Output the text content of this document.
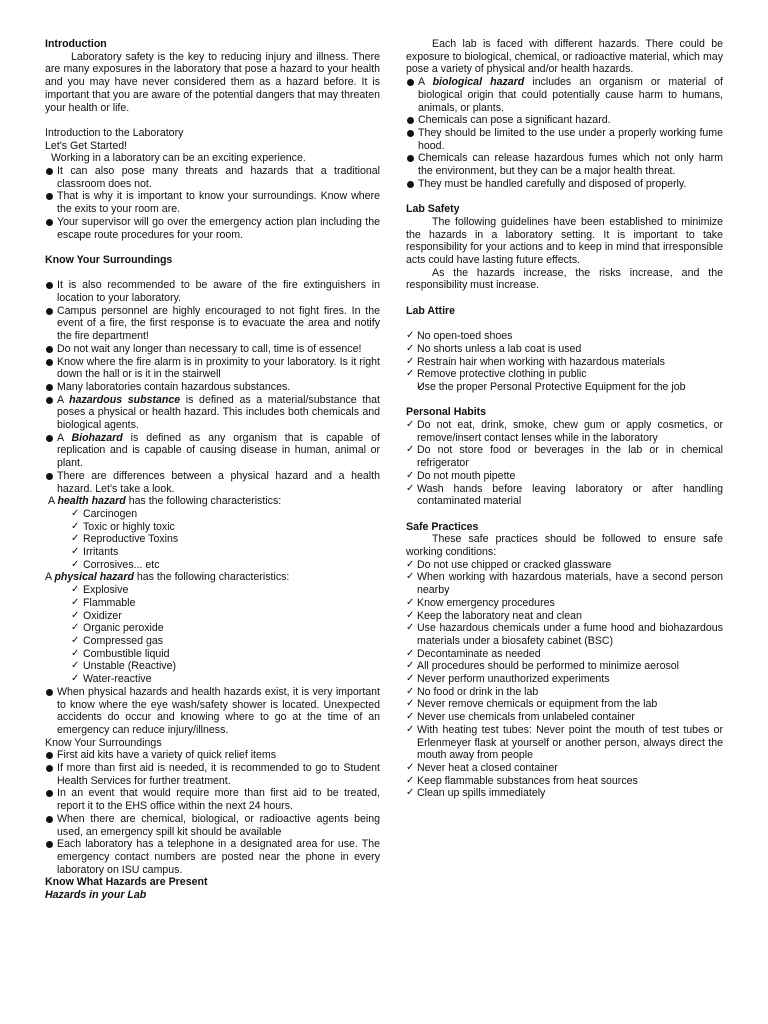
Introduction

Laboratory safety is the key to reducing injury and illness. There are many exposures in the laboratory that pose a hazard to your health and you may have never considered them as a hazard before. It is important that you are aware of the potential dangers that may threaten your health or life.

Introduction to the Laboratory

Let's Get Started!

Working in a laboratory can be an exciting experience.

It can also pose many threats and hazards that a traditional classroom does not.
That is why it is important to know your surroundings. Know where the exits to your room are.
Your supervisor will go over the emergency action plan including the escape route procedures for your room.

Know Your Surroundings

It is also recommended to be aware of the fire extinguishers in location to your laboratory.
Campus personnel are highly encouraged to not fight fires. In the event of a fire, the first response is to evacuate the area and notify the fire department!
Do not wait any longer than necessary to call, time is of essence!
Know where the fire alarm is in proximity to your laboratory. Is it right down the hall or is it in the stairwell
Many laboratories contain hazardous substances.
A hazardous substance is defined as a material/substance that poses a physical or health hazard. This includes both chemicals and biological agents.
A Biohazard is defined as any organism that is capable of replication and is capable of causing disease in human, animal or plant.
There are differences between a physical hazard and a health hazard. Let's take a look.

A health hazard has the following characteristics:

✓ Carcinogen
✓ Toxic or highly toxic
✓ Reproductive Toxins
✓ Irritants
✓ Corrosives... etc

A physical hazard has the following characteristics:

✓ Explosive
✓ Flammable
✓ Oxidizer
✓ Organic peroxide
✓ Compressed gas
✓ Combustible liquid
✓ Unstable (Reactive)
✓ Water-reactive
When physical hazards and health hazards exist, it is very important to know where the eye wash/safety shower is located. Unexpected accidents do occur and knowing where to go at the time of an emergency can reduce injury/illness.

Know Your Surroundings

First aid kits have a variety of quick relief items
If more than first aid is needed, it is recommended to go to Student Health Services for further treatment.
In an event that would require more than first aid to be treated, report it to the EHS office within the next 24 hours.
When there are chemical, biological, or radioactive agents being used, an emergency spill kit should be available
Each laboratory has a telephone in a designated area for use. The emergency contact numbers are posted near the phone in every laboratory on ISU campus.

Know What Hazards are Present

Hazards in your Lab

Each lab is faced with different hazards. There could be exposure to biological, chemical, or radioactive material, which may pose a variety of physical and/or health hazards.

A biological hazard includes an organism or material of biological origin that could potentially cause harm to humans, animals, or plants.
Chemicals can pose a significant hazard.
They should be limited to the use under a properly working fume hood.
Chemicals can release hazardous fumes which not only harm the environment, but they can be a major health threat.
They must be handled carefully and disposed of properly.

Lab Safety

The following guidelines have been established to minimize the hazards in a laboratory setting. It is important to take responsibility for your actions and to keep in mind that irresponsible acts could have lasting future effects.

As the hazards increase, the risks increase, and the responsibility must increase.

Lab Attire

✓ No open-toed shoes
✓ No shorts unless a lab coat is used
✓ Restrain hair when working with hazardous materials
✓ Remove protective clothing in public
✓ Use the proper Personal Protective Equipment for the job

Personal Habits

✓ Do not eat, drink, smoke, chew gum or apply cosmetics, or remove/insert contact lenses while in the laboratory
✓ Do not store food or beverages in the lab or in chemical refrigerator
✓ Do not mouth pipette
✓ Wash hands before leaving laboratory or after handling contaminated material

Safe Practices

These safe practices should be followed to ensure safe working conditions:

✓ Do not use chipped or cracked glassware
✓ When working with hazardous materials, have a second person nearby
✓ Know emergency procedures
✓ Keep the laboratory neat and clean
✓ Use hazardous chemicals under a fume hood and biohazardous materials under a biosafety cabinet (BSC)
✓ Decontaminate as needed
✓ All procedures should be performed to minimize aerosol
✓ Never perform unauthorized experiments
✓ No food or drink in the lab
✓ Never remove chemicals or equipment from the lab
✓ Never use chemicals from unlabeled container
✓ With heating test tubes: Never point the mouth of test tubes or Erlenmeyer flask at yourself or another person, always direct the mouth away from people
✓ Never heat a closed container
✓ Keep flammable substances from heat sources
✓ Clean up spills immediately
